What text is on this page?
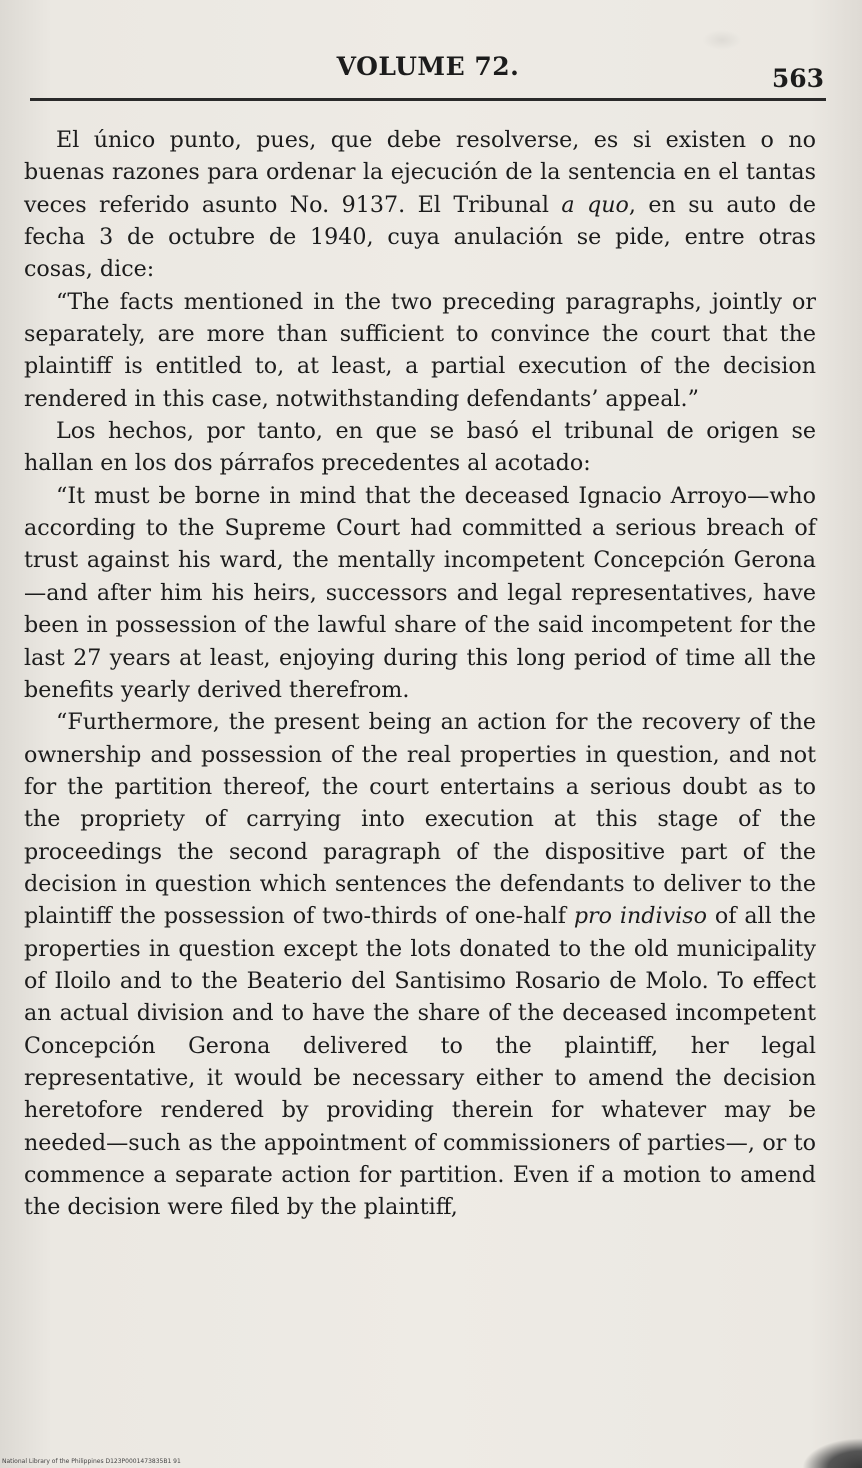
VOLUME 72.	563

El único punto, pues, que debe resolverse, es si existen o no buenas razones para ordenar la ejecución de la sentencia en el tantas veces referido asunto No. 9137. El Tribunal a quo, en su auto de fecha 3 de octubre de 1940, cuya anulación se pide, entre otras cosas, dice:

“The facts mentioned in the two preceding paragraphs, jointly or separately, are more than sufficient to convince the court that the plaintiff is entitled to, at least, a partial execution of the decision rendered in this case, notwithstanding defendants’ appeal.”

Los hechos, por tanto, en que se basó el tribunal de origen se hallan en los dos párrafos precedentes al acotado:

“It must be borne in mind that the deceased Ignacio Arroyo—who according to the Supreme Court had committed a serious breach of trust against his ward, the mentally incompetent Concepción Gerona—and after him his heirs, successors and legal representatives, have been in possession of the lawful share of the said incompetent for the last 27 years at least, enjoying during this long period of time all the benefits yearly derived therefrom.

“Furthermore, the present being an action for the recovery of the ownership and possession of the real properties in question, and not for the partition thereof, the court entertains a serious doubt as to the propriety of carrying into execution at this stage of the proceedings the second paragraph of the dispositive part of the decision in question which sentences the defendants to deliver to the plaintiff the possession of two-thirds of one-half pro indiviso of all the properties in question except the lots donated to the old municipality of Iloilo and to the Beaterio del Santisimo Rosario de Molo. To effect an actual division and to have the share of the deceased incompetent Concepción Gerona delivered to the plaintiff, her legal representative, it would be necessary either to amend the decision heretofore rendered by providing therein for whatever may be needed—such as the appointment of commissioners of parties—, or to commence a separate action for partition. Even if a motion to amend the decision were filed by the plaintiff,

National Library of the Philippines D123P0001473835B1 91
